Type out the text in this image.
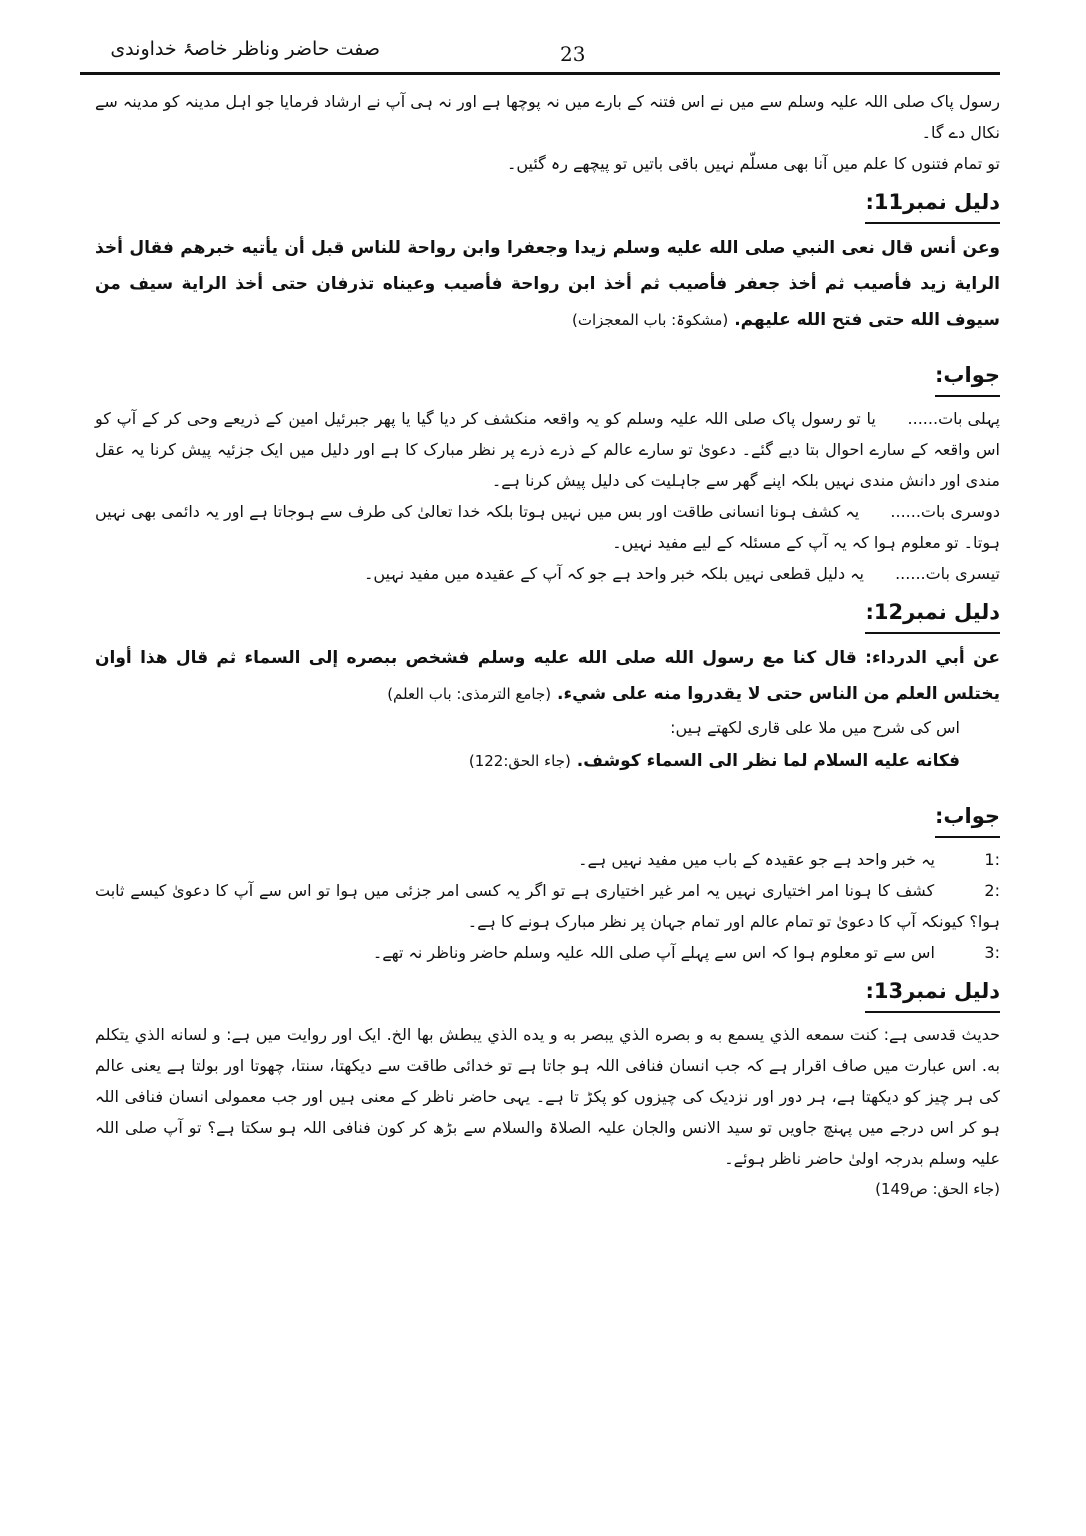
صفت حاضر وناظر خاصۂ خداوندی	23
رسول پاک صلی اللہ علیہ وسلم سے میں نے اس فتنہ کے بارے میں نہ پوچھا ہے اور نہ ہی آپ نے ارشاد فرمایا جو اہل مدینہ کو مدینہ سے نکال دے گا۔
تو تمام فتنوں کا علم میں آنا بھی مسلّم نہیں باقی باتیں تو پیچھے رہ گئیں۔
دلیل نمبر11:
وعن أنس قال نعى النبي صلى الله عليه وسلم زيدا وجعفرا وابن رواحة للناس قبل أن يأتيه خبرهم فقال أخذ الراية زيد فأصيب ثم أخذ جعفر فأصيب ثم أخذ ابن رواحة فأصيب وعيناه تذرفان حتى أخذ الراية سيف من سيوف الله حتى فتح الله عليهم. (مشکوۃ: باب المعجزات)
جواب:
پہلی بات...... یا تو رسول پاک صلی اللہ علیہ وسلم کو یہ واقعہ منکشف کر دیا گیا یا پھر جبرئیل امین کے ذریعے وحی کر کے آپ کو اس واقعہ کے سارے احوال بتا دیے گئے۔ دعویٰ تو سارے عالم کے ذرے ذرے پر نظر مبارک کا ہے اور دلیل میں ایک جزئیہ پیش کرنا یہ عقل مندی اور دانش مندی نہیں بلکہ اپنے گھر سے جاہلیت کی دلیل پیش کرنا ہے۔
دوسری بات...... یہ کشف ہونا انسانی طاقت اور بس میں نہیں ہوتا بلکہ خدا تعالیٰ کی طرف سے ہوجاتا ہے اور یہ دائمی بھی نہیں ہوتا۔ تو معلوم ہوا کہ یہ آپ کے مسئلہ کے لیے مفید نہیں۔
تیسری بات...... یہ دلیل قطعی نہیں بلکہ خبر واحد ہے جو کہ آپ کے عقیدہ میں مفید نہیں۔
دلیل نمبر12:
عن أبي الدرداء: قال كنا مع رسول الله صلى الله عليه وسلم فشخص ببصره إلى السماء ثم قال هذا أوان يختلس العلم من الناس حتى لا يقدروا منه على شيء. (جامع الترمذی: باب العلم)
اس کی شرح میں ملا علی قاری لکھتے ہیں:
فكانه عليه السلام لما نظر الى السماء كوشف. (جاء الحق:122)
جواب:
1: یہ خبر واحد ہے جو عقیدہ کے باب میں مفید نہیں ہے۔
2: کشف کا ہونا امر اختیاری نہیں یہ امر غیر اختیاری ہے تو اگر یہ کسی امر جزئی میں ہوا تو اس سے آپ کا دعویٰ کیسے ثابت ہوا؟ کیونکہ آپ کا دعویٰ تو تمام عالم اور تمام جہان پر نظر مبارک ہونے کا ہے۔
3: اس سے تو معلوم ہوا کہ اس سے پہلے آپ صلی اللہ علیہ وسلم حاضر وناظر نہ تھے۔
دلیل نمبر13:
حدیث قدسی ہے: كنت سمعه الذي يسمع به و بصره الذي يبصر به و يده الذي يبطش بها الخ. ایک اور روایت میں ہے: و لسانه الذي يتكلم به. اس عبارت میں صاف اقرار ہے کہ جب انسان فنافی اللہ ہو جاتا ہے تو خدائی طاقت سے دیکھتا، سنتا، چھوتا اور بولتا ہے یعنی عالم کی ہر چیز کو دیکھتا ہے، ہر دور اور نزدیک کی چیزوں کو پکڑ تا ہے۔ یہی حاضر ناظر کے معنی ہیں اور جب معمولی انسان فنافی اللہ ہو کر اس درجے میں پہنچ جاویں تو سید الانس والجان علیہ الصلاۃ والسلام سے بڑھ کر کون فنافی اللہ ہو سکتا ہے؟ تو آپ صلی اللہ علیہ وسلم بدرجہ اولیٰ حاضر ناظر ہوئے۔
(جاء الحق: ص149)
